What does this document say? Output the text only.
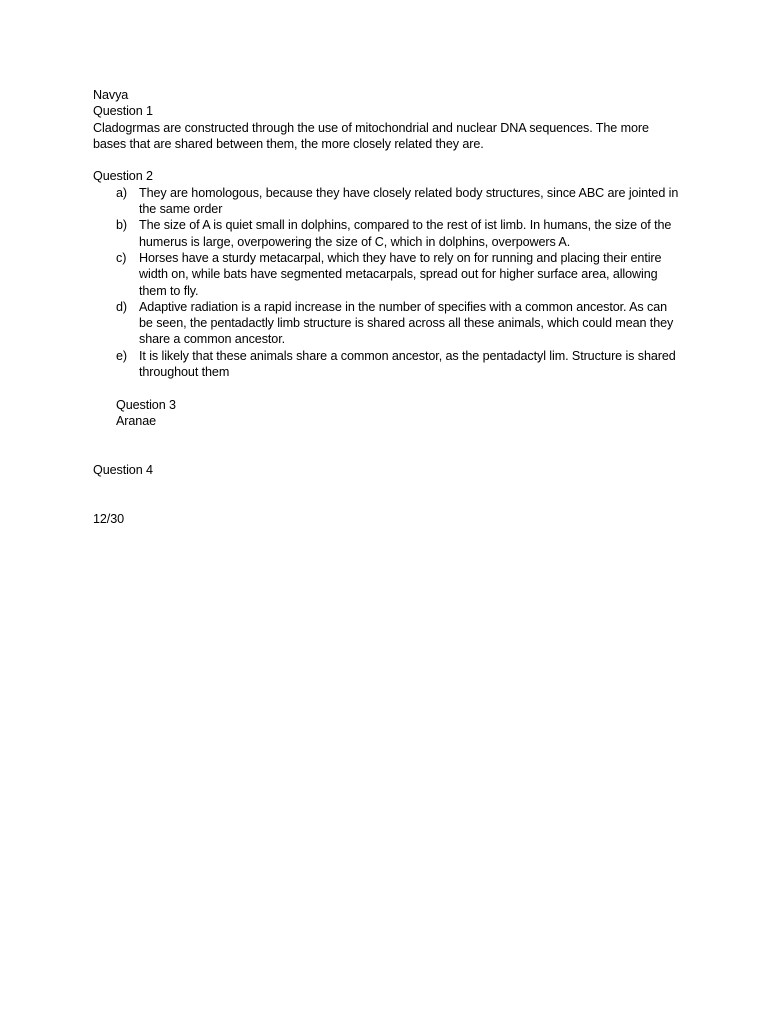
Navya

Question 1

Cladogrmas are constructed through the use of mitochondrial and nuclear DNA sequences. The more bases that are shared between them, the more closely related they are.

Question 2

a) They are homologous, because they have closely related body structures, since ABC are jointed in the same order
b) The size of A is quiet small in dolphins, compared to the rest of ist limb. In humans, the size of the humerus is large, overpowering the size of C, which in dolphins, overpowers A.
c) Horses have a sturdy metacarpal, which they have to rely on for running and placing their entire width on, while bats have segmented metacarpals, spread out for higher surface area, allowing them to fly.
d) Adaptive radiation is a rapid increase in the number of specifies with a common ancestor. As can be seen, the pentadactly limb structure is shared across all these animals, which could mean they share a common ancestor.
e) It is likely that these animals share a common ancestor, as the pentadactyl lim. Structure is shared throughout them

Question 3

Aranae

Question 4

12/30
